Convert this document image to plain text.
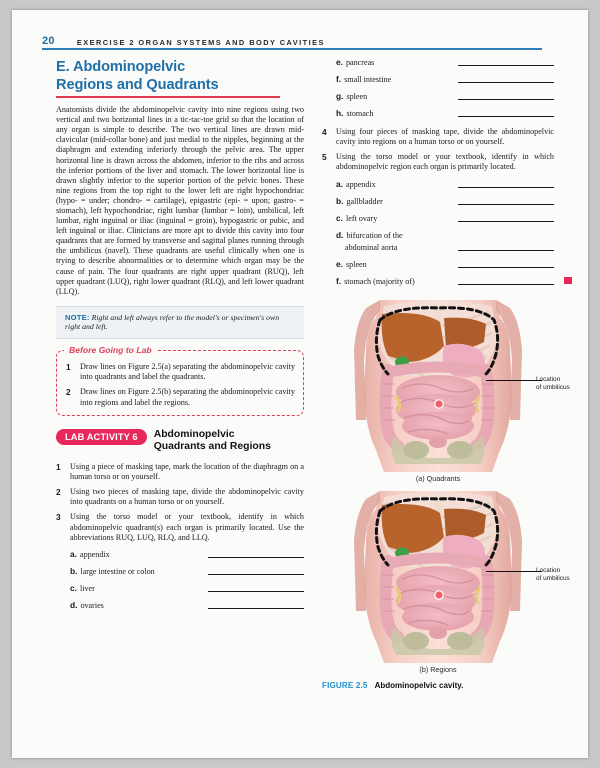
20	EXERCISE 2 ORGAN SYSTEMS AND BODY CAVITIES
E. Abdominopelvic
Regions and Quadrants

Anatomists divide the abdominopelvic cavity into nine regions using two vertical and two horizontal lines in a tic-tac-toe grid so that the location of any organ is simple to describe. The two vertical lines are drawn mid-clavicular (mid-collar bone) and just medial to the nipples, beginning at the diaphragm and extending inferiorly through the pelvic area. The upper horizontal line is drawn across the abdomen, inferior to the ribs and across the inferior portions of the liver and stomach. The lower horizontal line is drawn slightly inferior to the superior portion of the pelvic bones. These nine regions from the top right to the lower left are right hypochondriac (hypo- = under; chondro- = cartilage), epigastric (epi- = upon; gastro- = stomach), left hypochondriac, right lumbar (lumbar = loin), umbilical, left lumbar, right inguinal or iliac (inguinal = groin), hypogastric or pubic, and left inguinal or iliac. Clinicians are more apt to divide this cavity into four quadrants that are formed by transverse and sagittal planes running through the umbilicus (navel). These quadrants are useful clinically when one is trying to describe abnormalities or to determine which organ may be the cause of pain. The four quadrants are right upper quadrant (RUQ), left upper quadrant (LUQ), right lower quadrant (RLQ), and left lower quadrant (LLQ).

NOTE: Right and left always refer to the model's or specimen's own right and left.
Before Going to Lab
1 Draw lines on Figure 2.5(a) separating the abdominopelvic cavity into quadrants and label the quadrants.
2 Draw lines on Figure 2.5(b) separating the abdominopelvic cavity into regions and label the regions.
LAB ACTIVITY 6	Abdominopelvic
Quadrants and Regions
1 Using a piece of masking tape, mark the location of the diaphragm on a human torso or on yourself.
2 Using two pieces of masking tape, divide the abdominopelvic cavity into quadrants on a human torso or on yourself.
3 Using the torso model or your textbook, identify in which abdominopelvic quadrant(s) each organ is primarily located. Use the abbreviations RUQ, LUQ, RLQ, and LLQ.
a. appendix
b. large intestine or colon
c. liver
d. ovaries
e. pancreas
f. small intestine
g. spleen
h. stomach
4 Using four pieces of masking tape, divide the abdominopelvic cavity into regions on a human torso or on yourself.
5 Using the torso model or your textbook, identify in which abdominopelvic region each organ is primarily located.
a. appendix
b. gallbladder
c. left ovary
d. bifurcation of the
abdominal aorta
e. spleen
f. stomach (majority of)
Location
of umbilicus
(a) Quadrants
Location
of umbilicus
(b) Regions
FIGURE 2.5 Abdominopelvic cavity.
